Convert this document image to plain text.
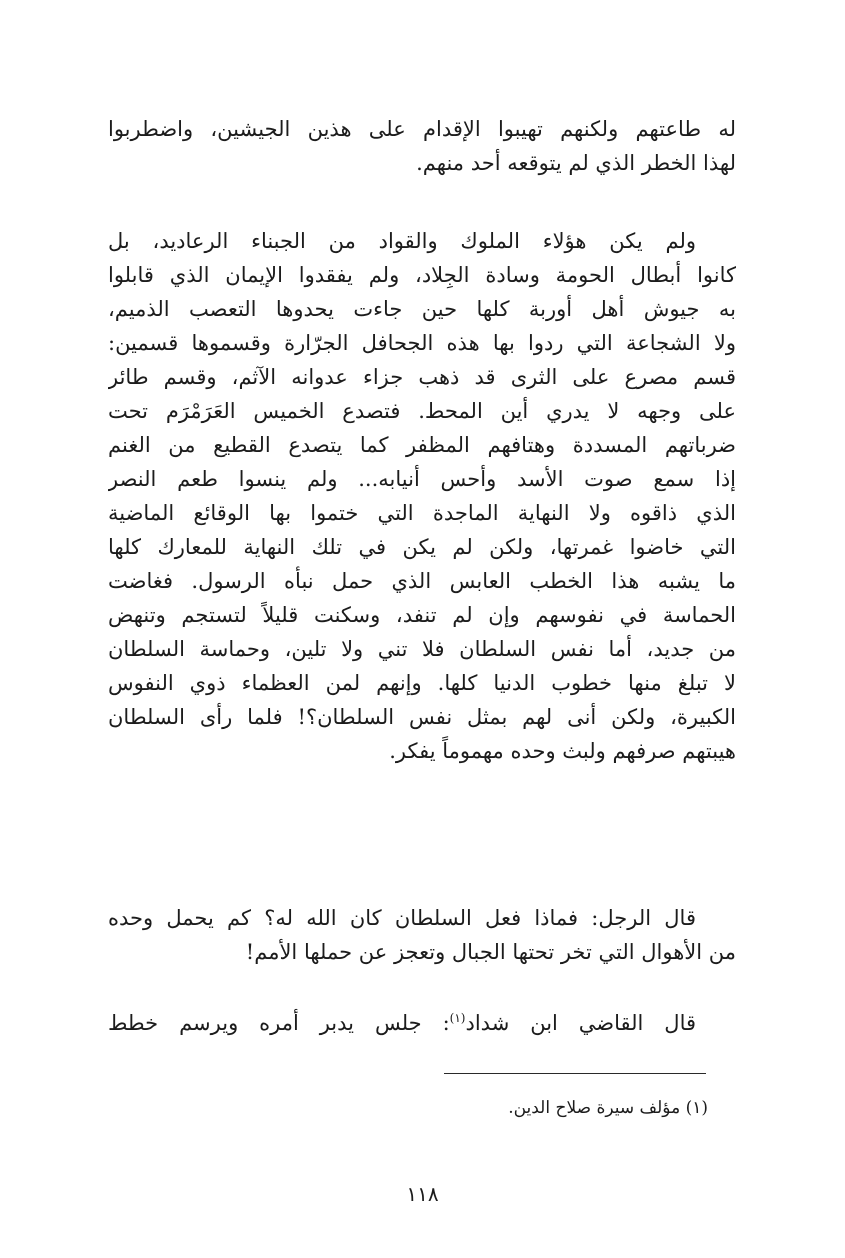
له طاعتهم ولكنهم تهيبوا الإقدام على هذين الجيشين، واضطربوا
لهذا الخطر الذي لم يتوقعه أحد منهم.
ولم يكن هؤلاء الملوك والقواد من الجبناء الرعاديد، بل
كانوا أبطال الحومة وسادة الجِلاد، ولم يفقدوا الإيمان الذي قابلوا
به جيوش أهل أوربة كلها حين جاءت يحدوها التعصب الذميم،
ولا الشجاعة التي ردوا بها هذه الجحافل الجرّارة وقسموها قسمين:
قسم مصرع على الثرى قد ذهب جزاء عدوانه الآثم، وقسم طائر
على وجهه لا يدري أين المحط. فتصدع الخميس العَرَمْرَم تحت
ضرباتهم المسددة وهتافهم المظفر كما يتصدع القطيع من الغنم
إذا سمع صوت الأسد وأحس أنيابه... ولم ينسوا طعم النصر
الذي ذاقوه ولا النهاية الماجدة التي ختموا بها الوقائع الماضية
التي خاضوا غمرتها، ولكن لم يكن في تلك النهاية للمعارك كلها
ما يشبه هذا الخطب العابس الذي حمل نبأه الرسول. فغاضت
الحماسة في نفوسهم وإن لم تنفد، وسكنت قليلاً لتستجم وتنهض
من جديد، أما نفس السلطان فلا تني ولا تلين، وحماسة السلطان
لا تبلغ منها خطوب الدنيا كلها. وإنهم لمن العظماء ذوي النفوس
الكبيرة، ولكن أنى لهم بمثل نفس السلطان؟! فلما رأى السلطان
هيبتهم صرفهم ولبث وحده مهموماً يفكر.
قال الرجل: فماذا فعل السلطان كان الله له؟ كم يحمل وحده
من الأهوال التي تخر تحتها الجبال وتعجز عن حملها الأمم!
قال القاضي ابن شداد$^{(١)}$: جلس يدبر أمره ويرسم خطط
(١) مؤلف سيرة صلاح الدين.
١١٨
